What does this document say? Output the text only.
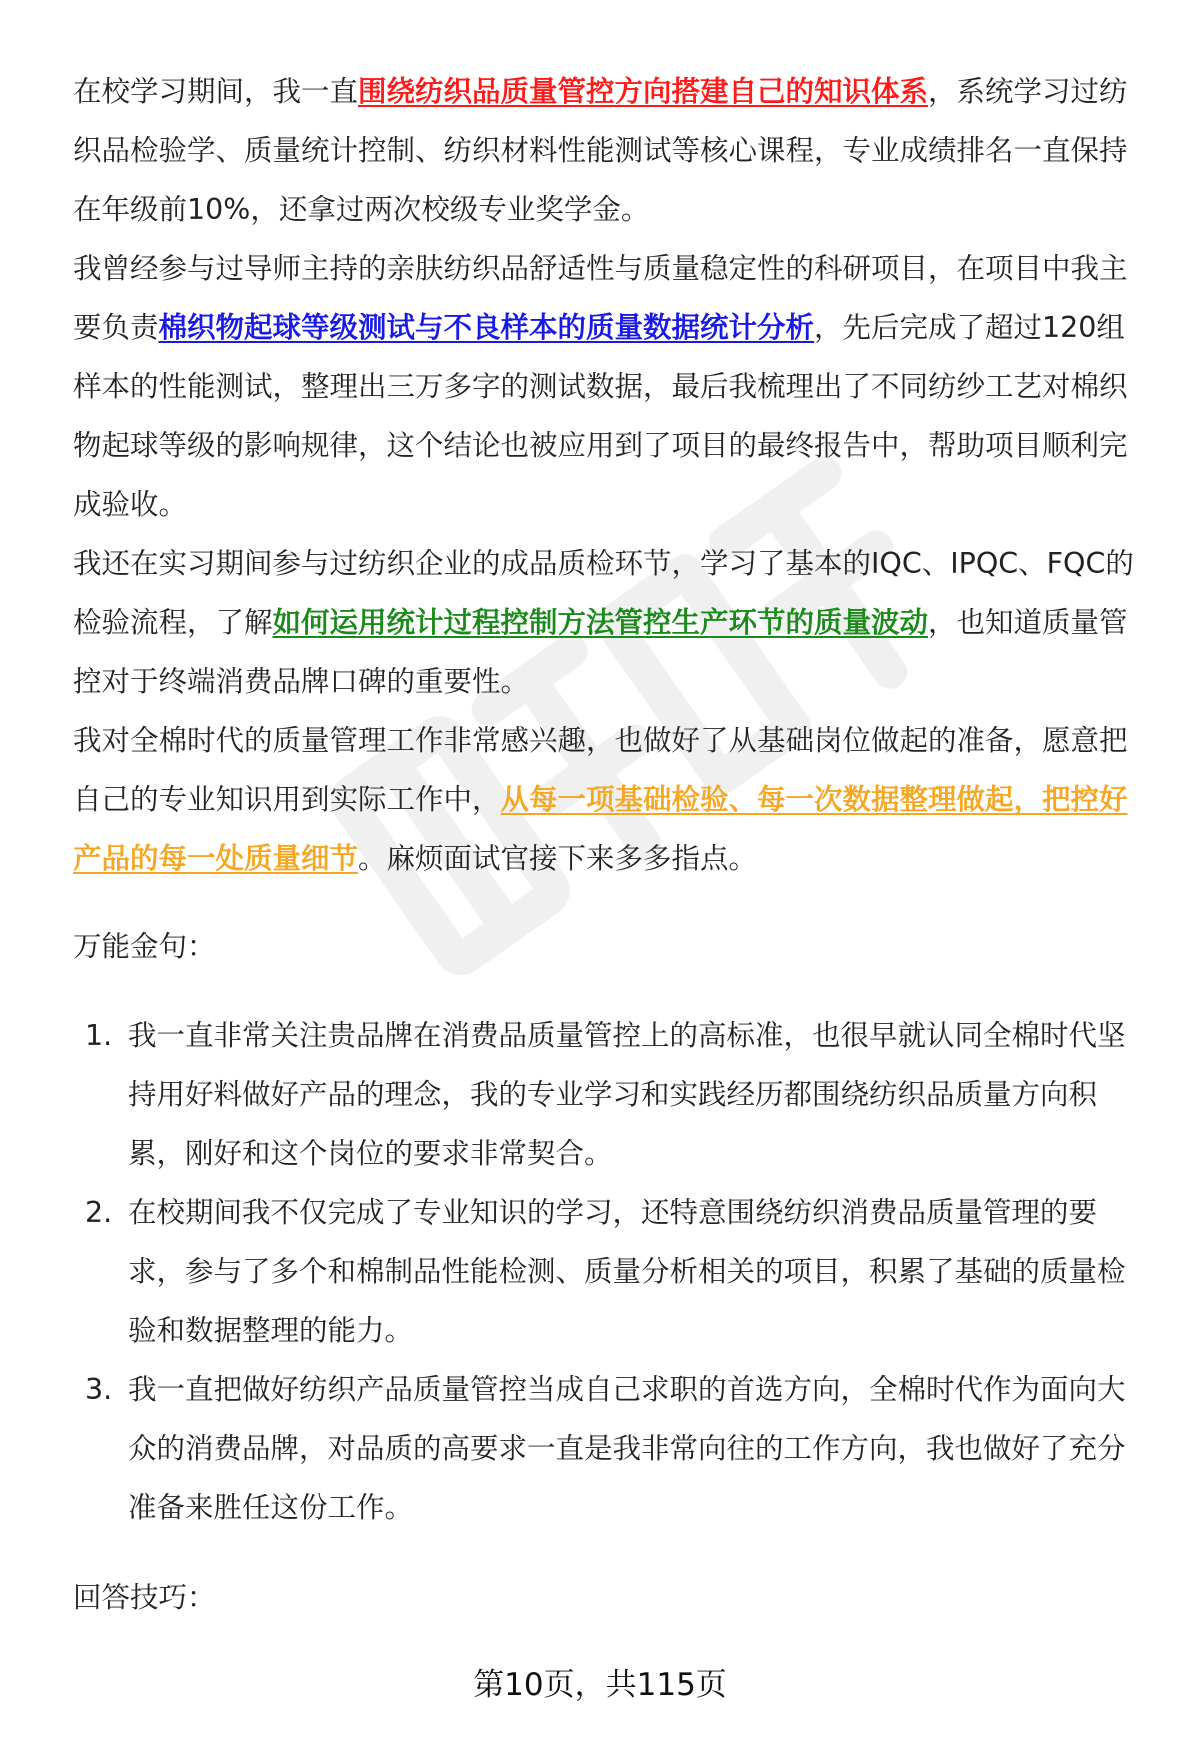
在校学习期间，我一直围绕纺织品质量管控方向搭建自己的知识体系，系统学习过纺织品检验学、质量统计控制、纺织材料性能测试等核心课程，专业成绩排名一直保持在年级前10%，还拿过两次校级专业奖学金。

我曾经参与过导师主持的亲肤纺织品舒适性与质量稳定性的科研项目，在项目中我主要负责棉织物起球等级测试与不良样本的质量数据统计分析，先后完成了超过120组样本的性能测试，整理出三万多字的测试数据，最后我梳理出了不同纺纱工艺对棉织物起球等级的影响规律，这个结论也被应用到了项目的最终报告中，帮助项目顺利完成验收。

我还在实习期间参与过纺织企业的成品质检环节，学习了基本的IQC、IPQC、FQC的检验流程，了解如何运用统计过程控制方法管控生产环节的质量波动，也知道质量管控对于终端消费品牌口碑的重要性。

我对全棉时代的质量管理工作非常感兴趣，也做好了从基础岗位做起的准备，愿意把自己的专业知识用到实际工作中，从每一项基础检验、每一次数据整理做起，把控好产品的每一处质量细节。麻烦面试官接下来多多指点。

万能金句：

1. 我一直非常关注贵品牌在消费品质量管控上的高标准，也很早就认同全棉时代坚持用好料做好产品的理念，我的专业学习和实践经历都围绕纺织品质量方向积累，刚好和这个岗位的要求非常契合。
2. 在校期间我不仅完成了专业知识的学习，还特意围绕纺织消费品质量管理的要求，参与了多个和棉制品性能检测、质量分析相关的项目，积累了基础的质量检验和数据整理的能力。
3. 我一直把做好纺织产品质量管控当成自己求职的首选方向，全棉时代作为面向大众的消费品牌，对品质的高要求一直是我非常向往的工作方向，我也做好了充分准备来胜任这份工作。

回答技巧：

第10页，共115页
